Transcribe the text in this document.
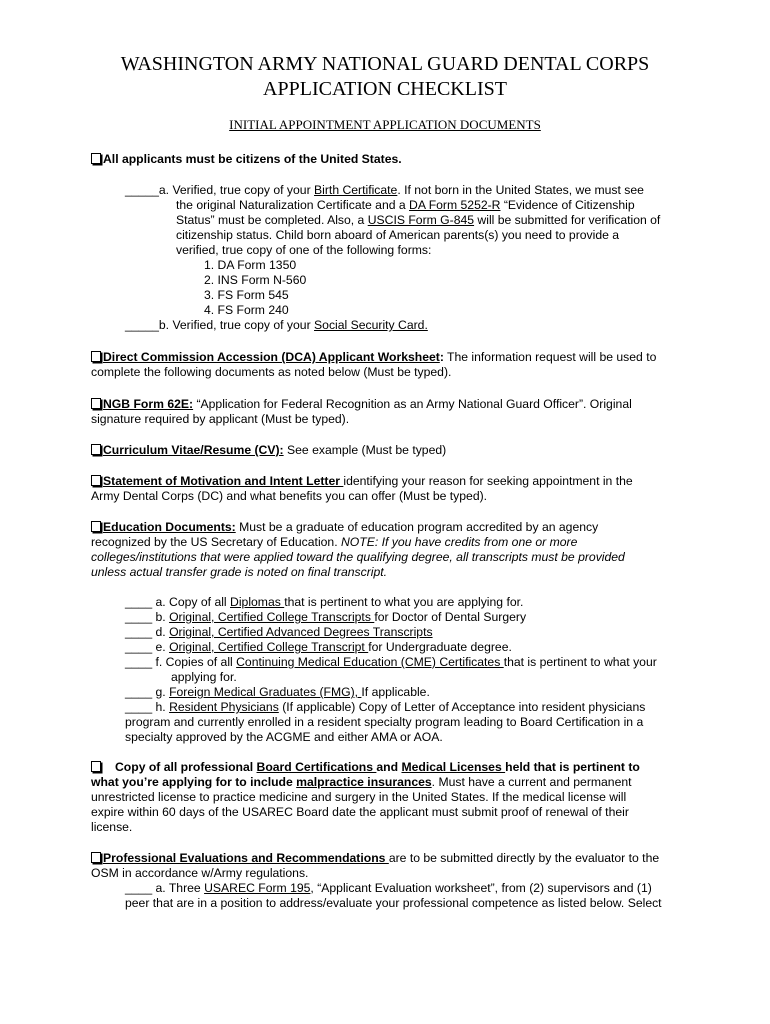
WASHINGTON ARMY NATIONAL GUARD DENTAL CORPS
APPLICATION CHECKLIST
INITIAL APPOINTMENT APPLICATION DOCUMENTS
All applicants must be citizens of the United States.
_____a. Verified, true copy of your Birth Certificate. If not born in the United States, we must see
the original Naturalization Certificate and a DA Form 5252-R “Evidence of Citizenship
Status” must be completed. Also, a USCIS Form G-845 will be submitted for verification of
citizenship status. Child born aboard of American parents(s) you need to provide a
verified, true copy of one of the following forms:
1. DA Form 1350
2. INS Form N-560
3. FS Form 545
4. FS Form 240
_____b. Verified, true copy of your Social Security Card.
Direct Commission Accession (DCA) Applicant Worksheet: The information request will be used to
complete the following documents as noted below (Must be typed).
NGB Form 62E: “Application for Federal Recognition as an Army National Guard Officer”. Original
signature required by applicant (Must be typed).
Curriculum Vitae/Resume (CV): See example (Must be typed)
Statement of Motivation and Intent Letter identifying your reason for seeking appointment in the
Army Dental Corps (DC) and what benefits you can offer (Must be typed).
Education Documents: Must be a graduate of education program accredited by an agency
recognized by the US Secretary of Education. NOTE: If you have credits from one or more
colleges/institutions that were applied toward the qualifying degree, all transcripts must be provided
unless actual transfer grade is noted on final transcript.
____ a. Copy of all Diplomas that is pertinent to what you are applying for.
____ b. Original, Certified College Transcripts for Doctor of Dental Surgery
____ d. Original, Certified Advanced Degrees Transcripts
____ e. Original, Certified College Transcript for Undergraduate degree.
____ f. Copies of all Continuing Medical Education (CME) Certificates that is pertinent to what your
applying for.
____ g. Foreign Medical Graduates (FMG), If applicable.
____ h. Resident Physicians (If applicable) Copy of Letter of Acceptance into resident physicians
program and currently enrolled in a resident specialty program leading to Board Certification in a
specialty approved by the ACGME and either AMA or AOA.
Copy of all professional Board Certifications and Medical Licenses held that is pertinent to
what you’re applying for to include malpractice insurances. Must have a current and permanent
unrestricted license to practice medicine and surgery in the United States. If the medical license will
expire within 60 days of the USAREC Board date the applicant must submit proof of renewal of their
license.
Professional Evaluations and Recommendations are to be submitted directly by the evaluator to the
OSM in accordance w/Army regulations.
____ a. Three USAREC Form 195, “Applicant Evaluation worksheet”, from (2) supervisors and (1)
peer that are in a position to address/evaluate your professional competence as listed below. Select
